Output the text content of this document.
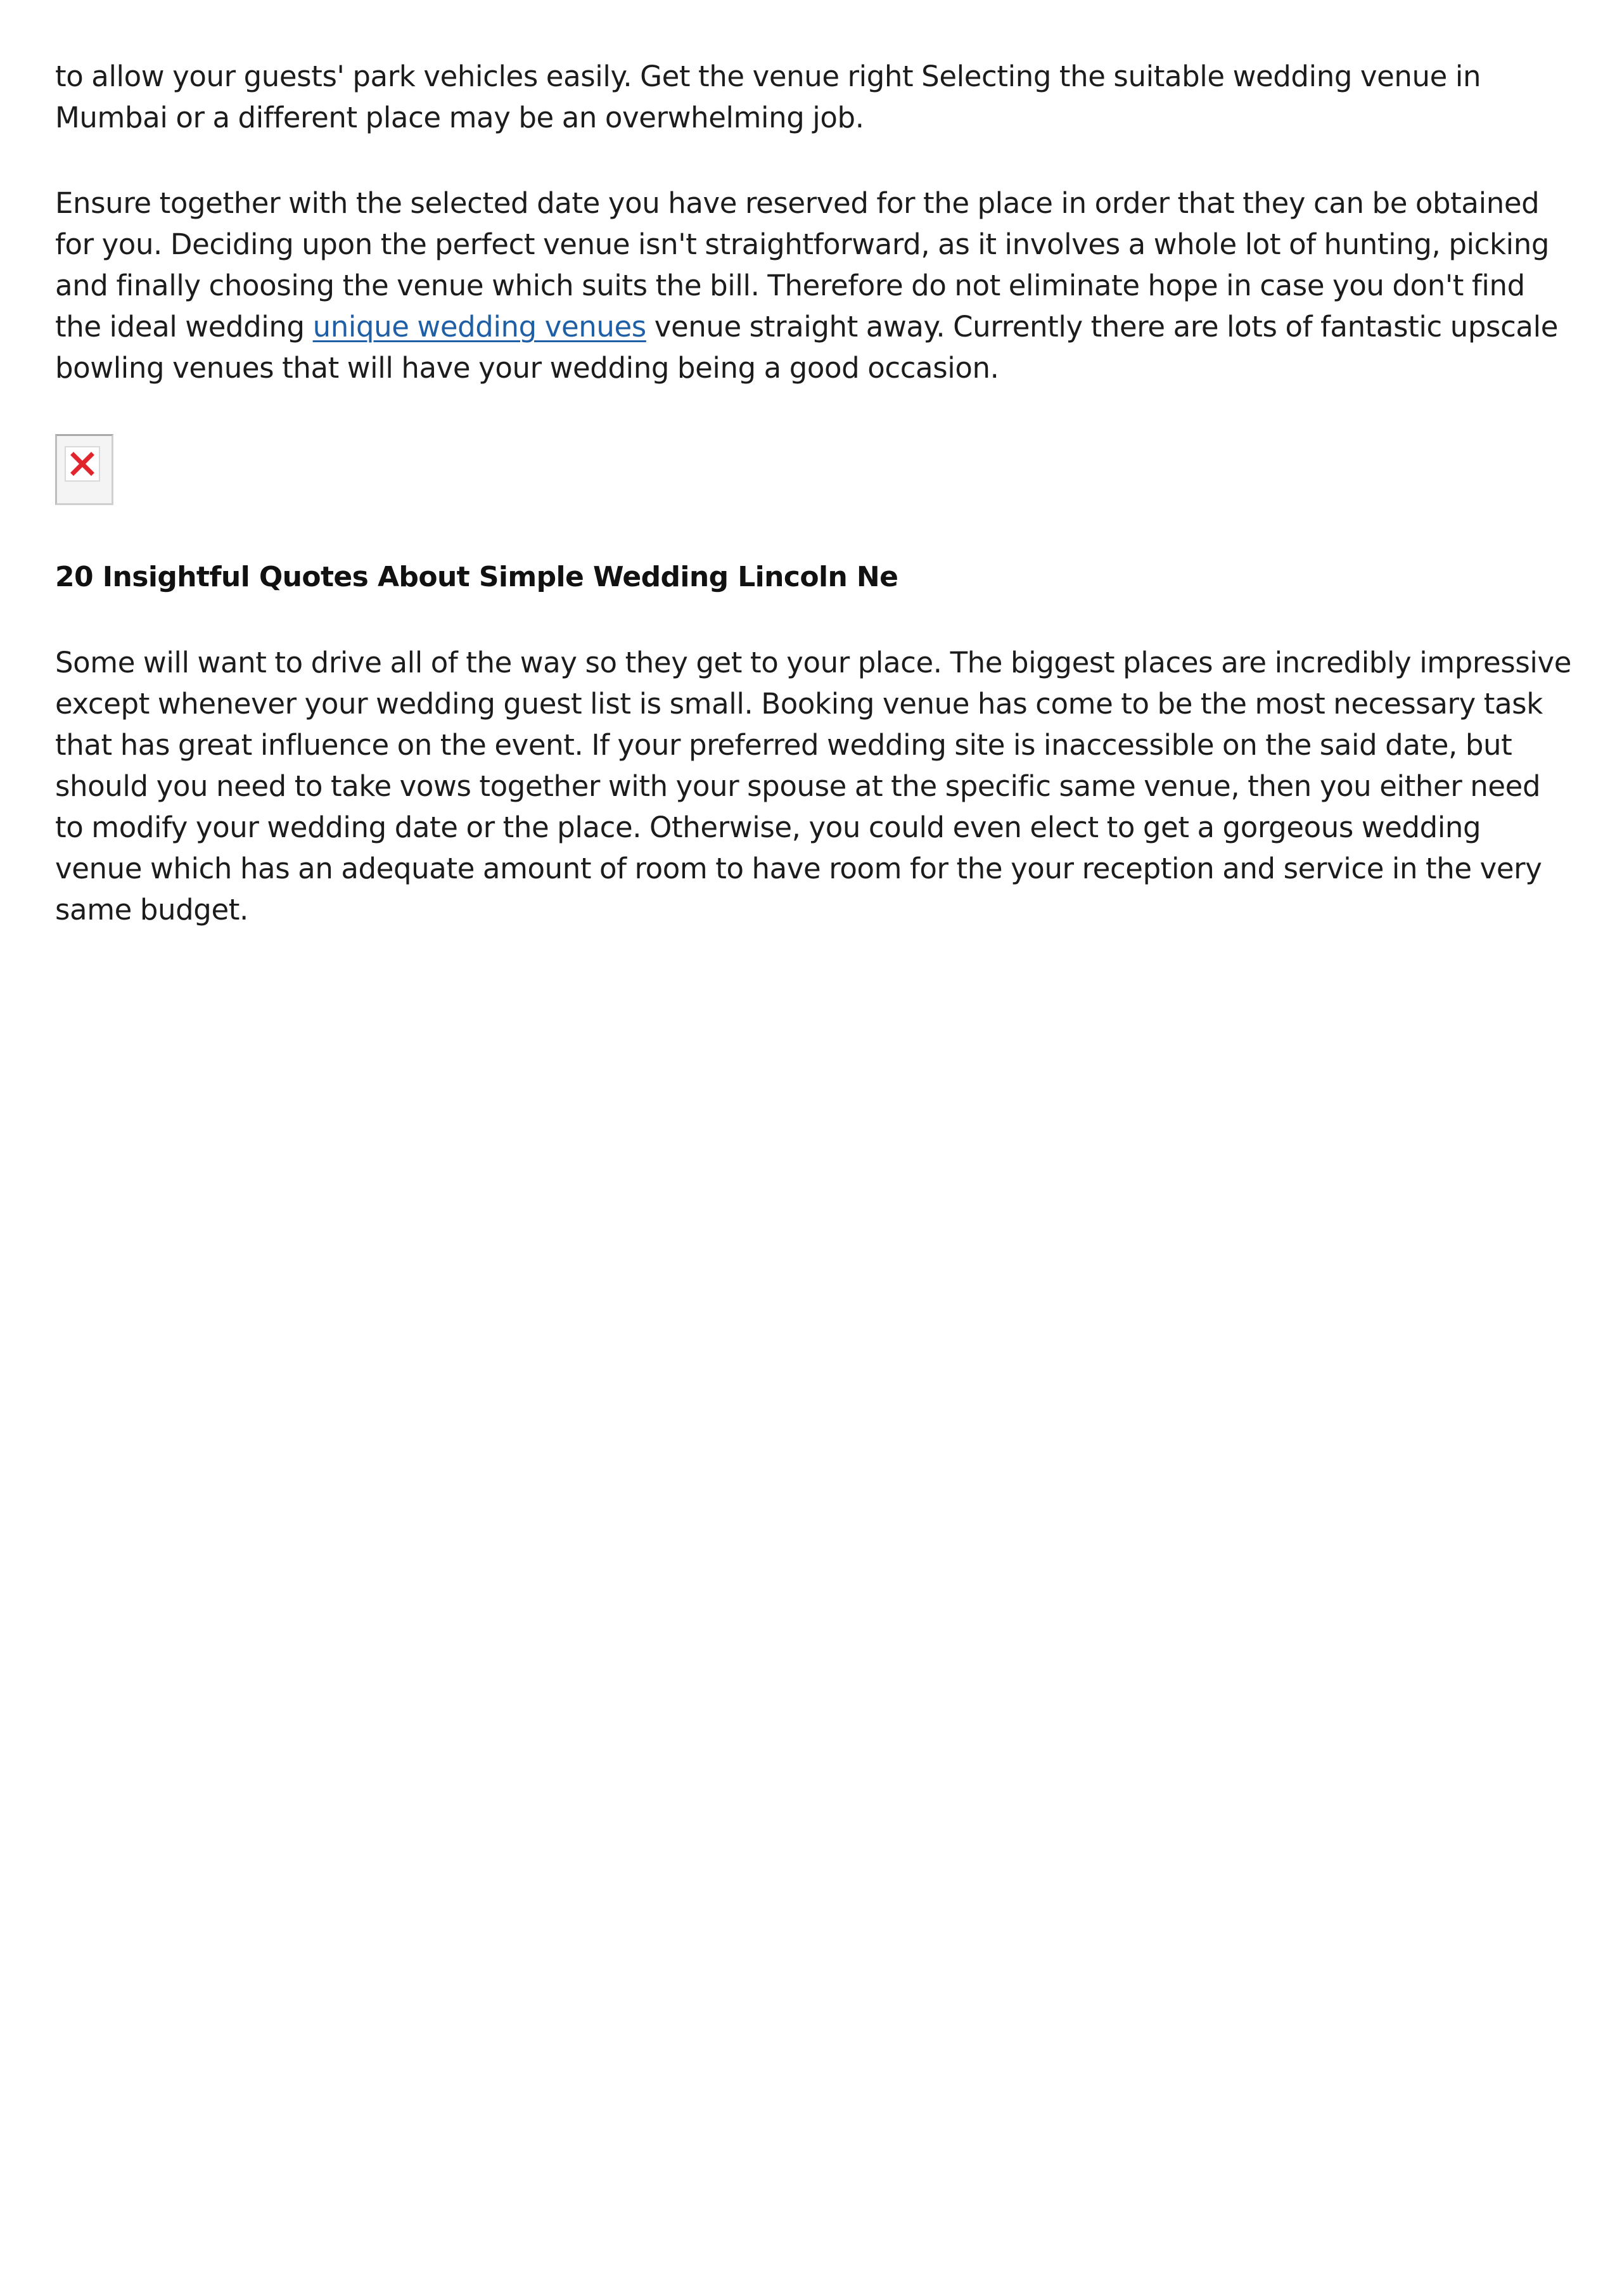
to allow your guests' park vehicles easily. Get the venue right Selecting the suitable wedding venue in Mumbai or a different place may be an overwhelming job.

Ensure together with the selected date you have reserved for the place in order that they can be obtained for you. Deciding upon the perfect venue isn't straightforward, as it involves a whole lot of hunting, picking and finally choosing the venue which suits the bill. Therefore do not eliminate hope in case you don't find the ideal wedding unique wedding venues venue straight away. Currently there are lots of fantastic upscale bowling venues that will have your wedding being a good occasion.

20 Insightful Quotes About Simple Wedding Lincoln Ne

Some will want to drive all of the way so they get to your place. The biggest places are incredibly impressive except whenever your wedding guest list is small. Booking venue has come to be the most necessary task that has great influence on the event. If your preferred wedding site is inaccessible on the said date, but should you need to take vows together with your spouse at the specific same venue, then you either need to modify your wedding date or the place. Otherwise, you could even elect to get a gorgeous wedding venue which has an adequate amount of room to have room for the your reception and service in the very same budget.
